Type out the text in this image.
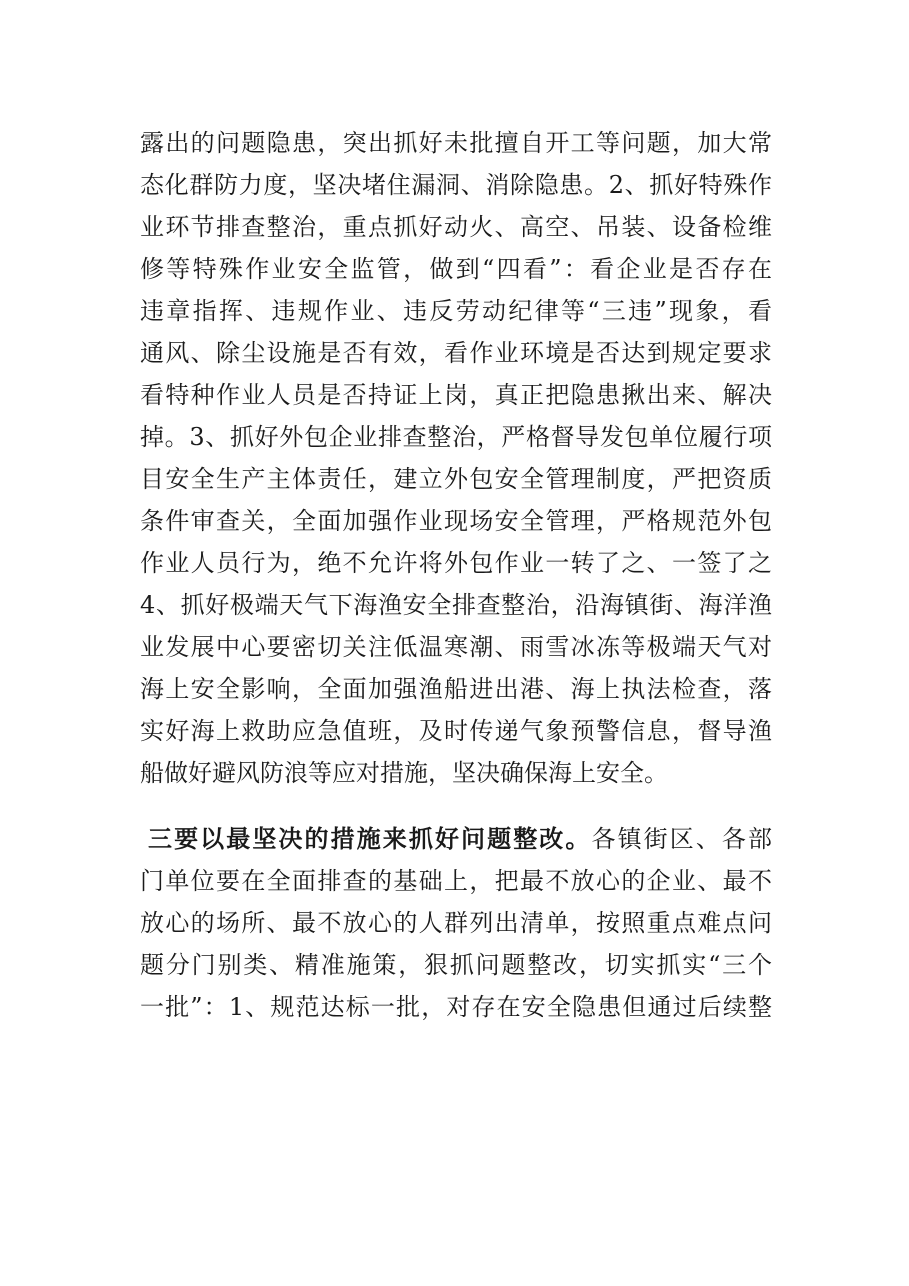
露出的问题隐患，突出抓好未批擅自开工等问题，加大常
态化群防力度，坚决堵住漏洞、消除隐患。2、抓好特殊作
业环节排查整治，重点抓好动火、高空、吊装、设备检维
修等特殊作业安全监管，做到“四看”：看企业是否存在
违章指挥、违规作业、违反劳动纪律等“三违”现象，看
通风、除尘设施是否有效，看作业环境是否达到规定要求
看特种作业人员是否持证上岗，真正把隐患揪出来、解决
掉。3、抓好外包企业排查整治，严格督导发包单位履行项
目安全生产主体责任，建立外包安全管理制度，严把资质
条件审查关，全面加强作业现场安全管理，严格规范外包
作业人员行为，绝不允许将外包作业一转了之、一签了之
4、抓好极端天气下海渔安全排查整治，沿海镇街、海洋渔
业发展中心要密切关注低温寒潮、雨雪冰冻等极端天气对
海上安全影响，全面加强渔船进出港、海上执法检查，落
实好海上救助应急值班，及时传递气象预警信息，督导渔
船做好避风防浪等应对措施，坚决确保海上安全。
三要以最坚决的措施来抓好问题整改。各镇街区、各部
门单位要在全面排查的基础上，把最不放心的企业、最不
放心的场所、最不放心的人群列出清单，按照重点难点问
题分门别类、精准施策，狠抓问题整改，切实抓实“三个
一批”：1、规范达标一批，对存在安全隐患但通过后续整
